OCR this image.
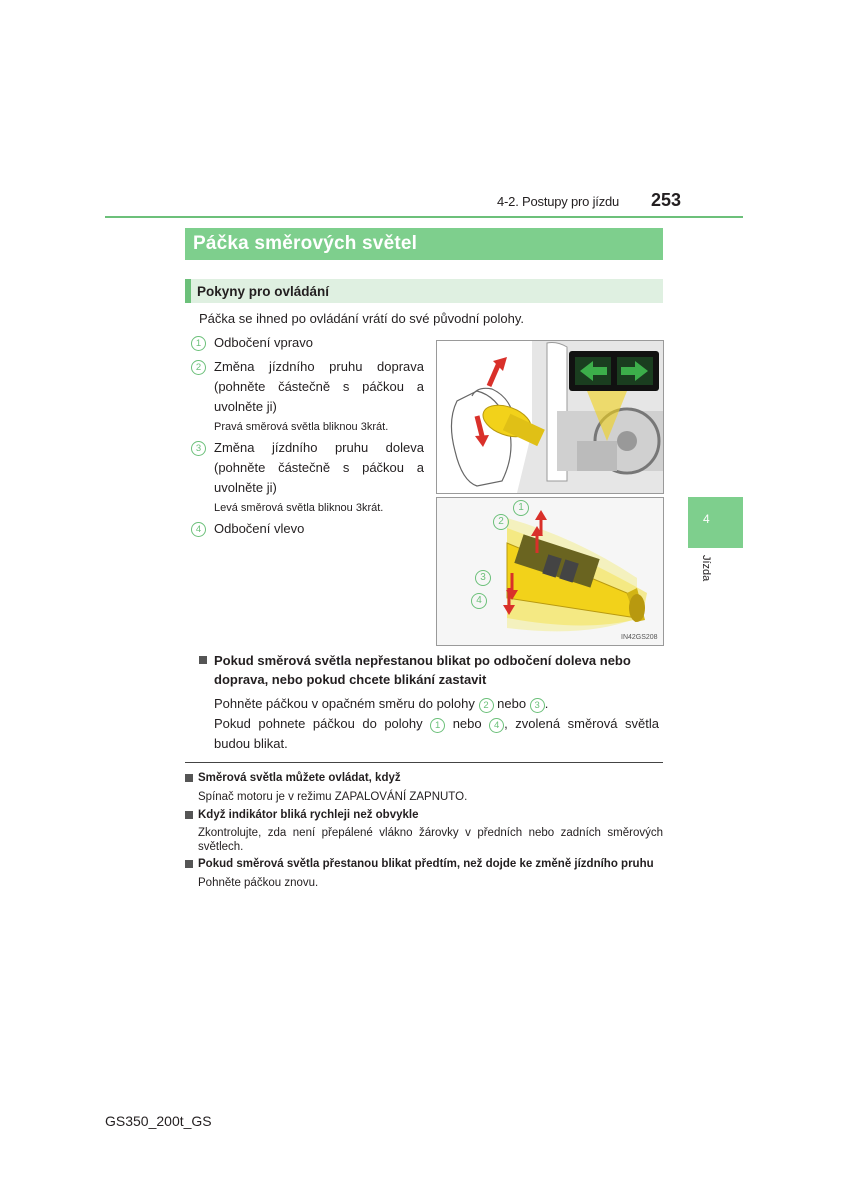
4-2. Postupy pro jízdu 253
Páčka směrových světel
Pokyny pro ovládání
Páčka se ihned po ovládání vrátí do své původní polohy.
1 Odbočení vpravo
2 Změna jízdního pruhu doprava (pohněte částečně s páčkou a uvolněte ji)
Pravá směrová světla bliknou 3krát.
3 Změna jízdního pruhu doleva (pohněte částečně s páčkou a uvolněte ji)
Levá směrová světla bliknou 3krát.
4 Odbočení vlevo
1
2
3
4
IN42GS208
4
Jízda
Pokud směrová světla nepřestanou blikat po odbočení doleva nebo doprava, nebo pokud chcete blikání zastavit
Pohněte páčkou v opačném směru do polohy 2 nebo 3 .
Pokud pohnete páčkou do polohy 1 nebo 4 , zvolená směrová světla budou blikat.
Směrová světla můžete ovládat, když
Spínač motoru je v režimu ZAPALOVÁNÍ ZAPNUTO.
Když indikátor bliká rychleji než obvykle
Zkontrolujte, zda není přepálené vlákno žárovky v předních nebo zadních směrových světlech.
Pokud směrová světla přestanou blikat předtím, než dojde ke změně jízdního pruhu
Pohněte páčkou znovu.
GS350_200t_GS
